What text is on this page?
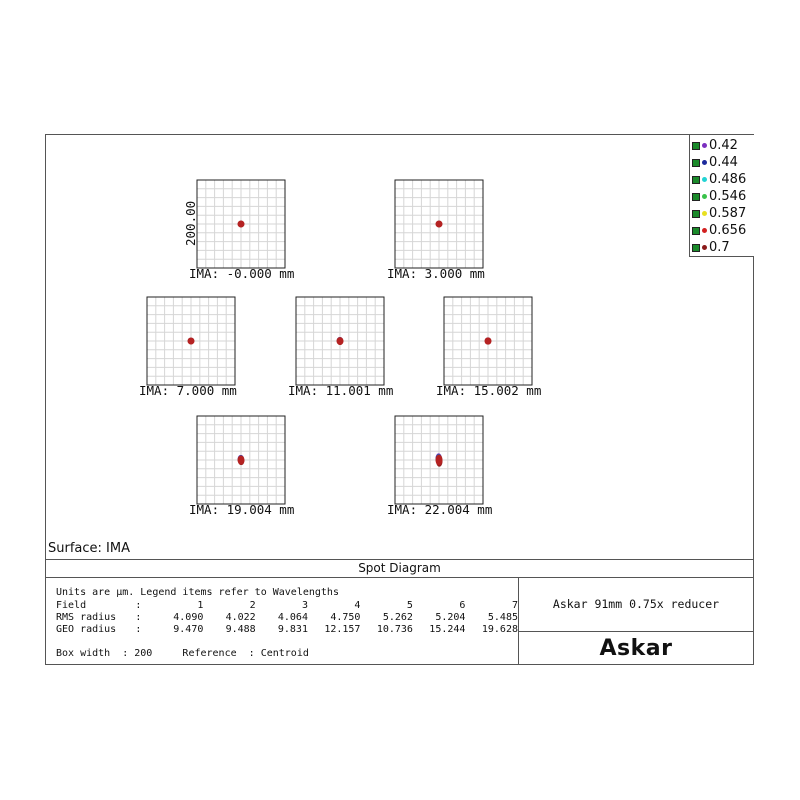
IMA: -0.000 mm	IMA: 3.000 mm
IMA: 7.000 mm	IMA: 11.001 mm	IMA: 15.002 mm
IMA: 19.004 mm	IMA: 22.004 mm
200.00
0.42
0.44
0.486
0.546
0.587
0.656
0.7
Surface: IMA
Spot Diagram
Units are µm. Legend items refer to Wavelengths
Field	:	1	2	3	4	5	6	7
RMS radius	:	4.090	4.022	4.064	4.750	5.262	5.204	5.485
GEO radius	:	9.470	9.488	9.831	12.157	10.736	15.244	19.628
Box width  : 200     Reference  : Centroid
Askar 91mm 0.75x reducer
Askar
